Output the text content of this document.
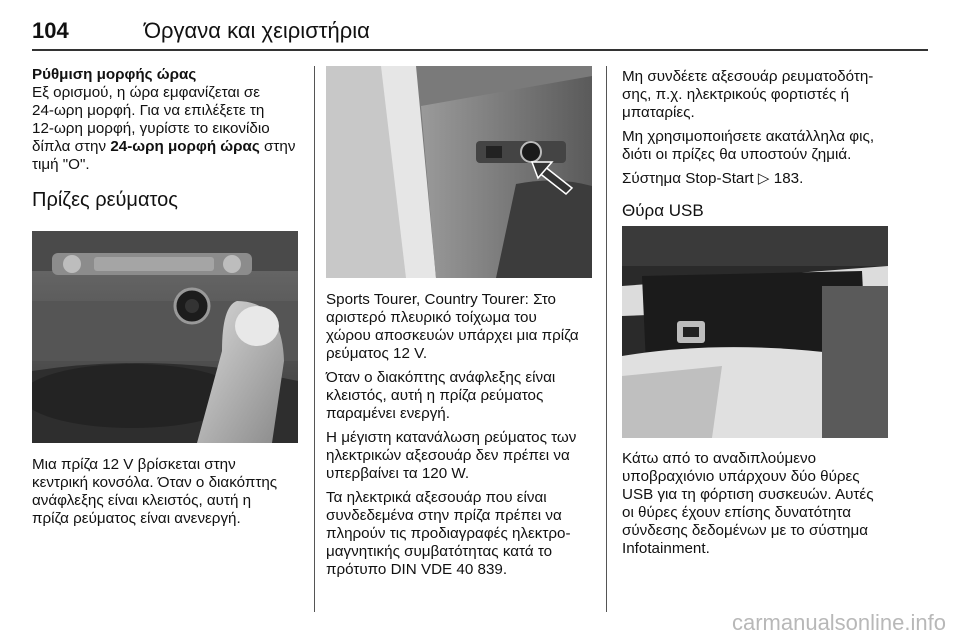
104	Όργανα και χειριστήρια
Ρύθμιση μορφής ώρας
Εξ ορισμού, η ώρα εμφανίζεται σε
24-ωρη μορφή. Για να επιλέξετε τη
12-ωρη μορφή, γυρίστε το εικονίδιο
δίπλα στην 24-ωρη μορφή ώρας στην
τιμή "O".
Πρίζες ρεύματος
Μια πρίζα 12 V βρίσκεται στην
κεντρική κονσόλα. Όταν ο διακόπτης
ανάφλεξης είναι κλειστός, αυτή η
πρίζα ρεύματος είναι ανενεργή.

Sports Tourer, Country Tourer: Στο
αριστερό πλευρικό τοίχωμα του
χώρου αποσκευών υπάρχει μια πρίζα
ρεύματος 12 V.

Όταν ο διακόπτης ανάφλεξης είναι
κλειστός, αυτή η πρίζα ρεύματος
παραμένει ενεργή.

Η μέγιστη κατανάλωση ρεύματος των
ηλεκτρικών αξεσουάρ δεν πρέπει να
υπερβαίνει τα 120 W.

Τα ηλεκτρικά αξεσουάρ που είναι
συνδεδεμένα στην πρίζα πρέπει να
πληρούν τις προδιαγραφές ηλεκτρο-
μαγνητικής συμβατότητας κατά το
πρότυπο DIN VDE 40 839.

Μη συνδέετε αξεσουάρ ρευματοδότη-
σης, π.χ. ηλεκτρικούς φορτιστές ή
μπαταρίες.

Μη χρησιμοποιήσετε ακατάλληλα φις,
διότι οι πρίζες θα υποστούν ζημιά.

Σύστημα Stop-Start ▷ 183.

Θύρα USB
Κάτω από το αναδιπλούμενο
υποβραχιόνιο υπάρχουν δύο θύρες
USB για τη φόρτιση συσκευών. Αυτές
οι θύρες έχουν επίσης δυνατότητα
σύνδεσης δεδομένων με το σύστημα
Infotainment.
carmanualsonline.info
